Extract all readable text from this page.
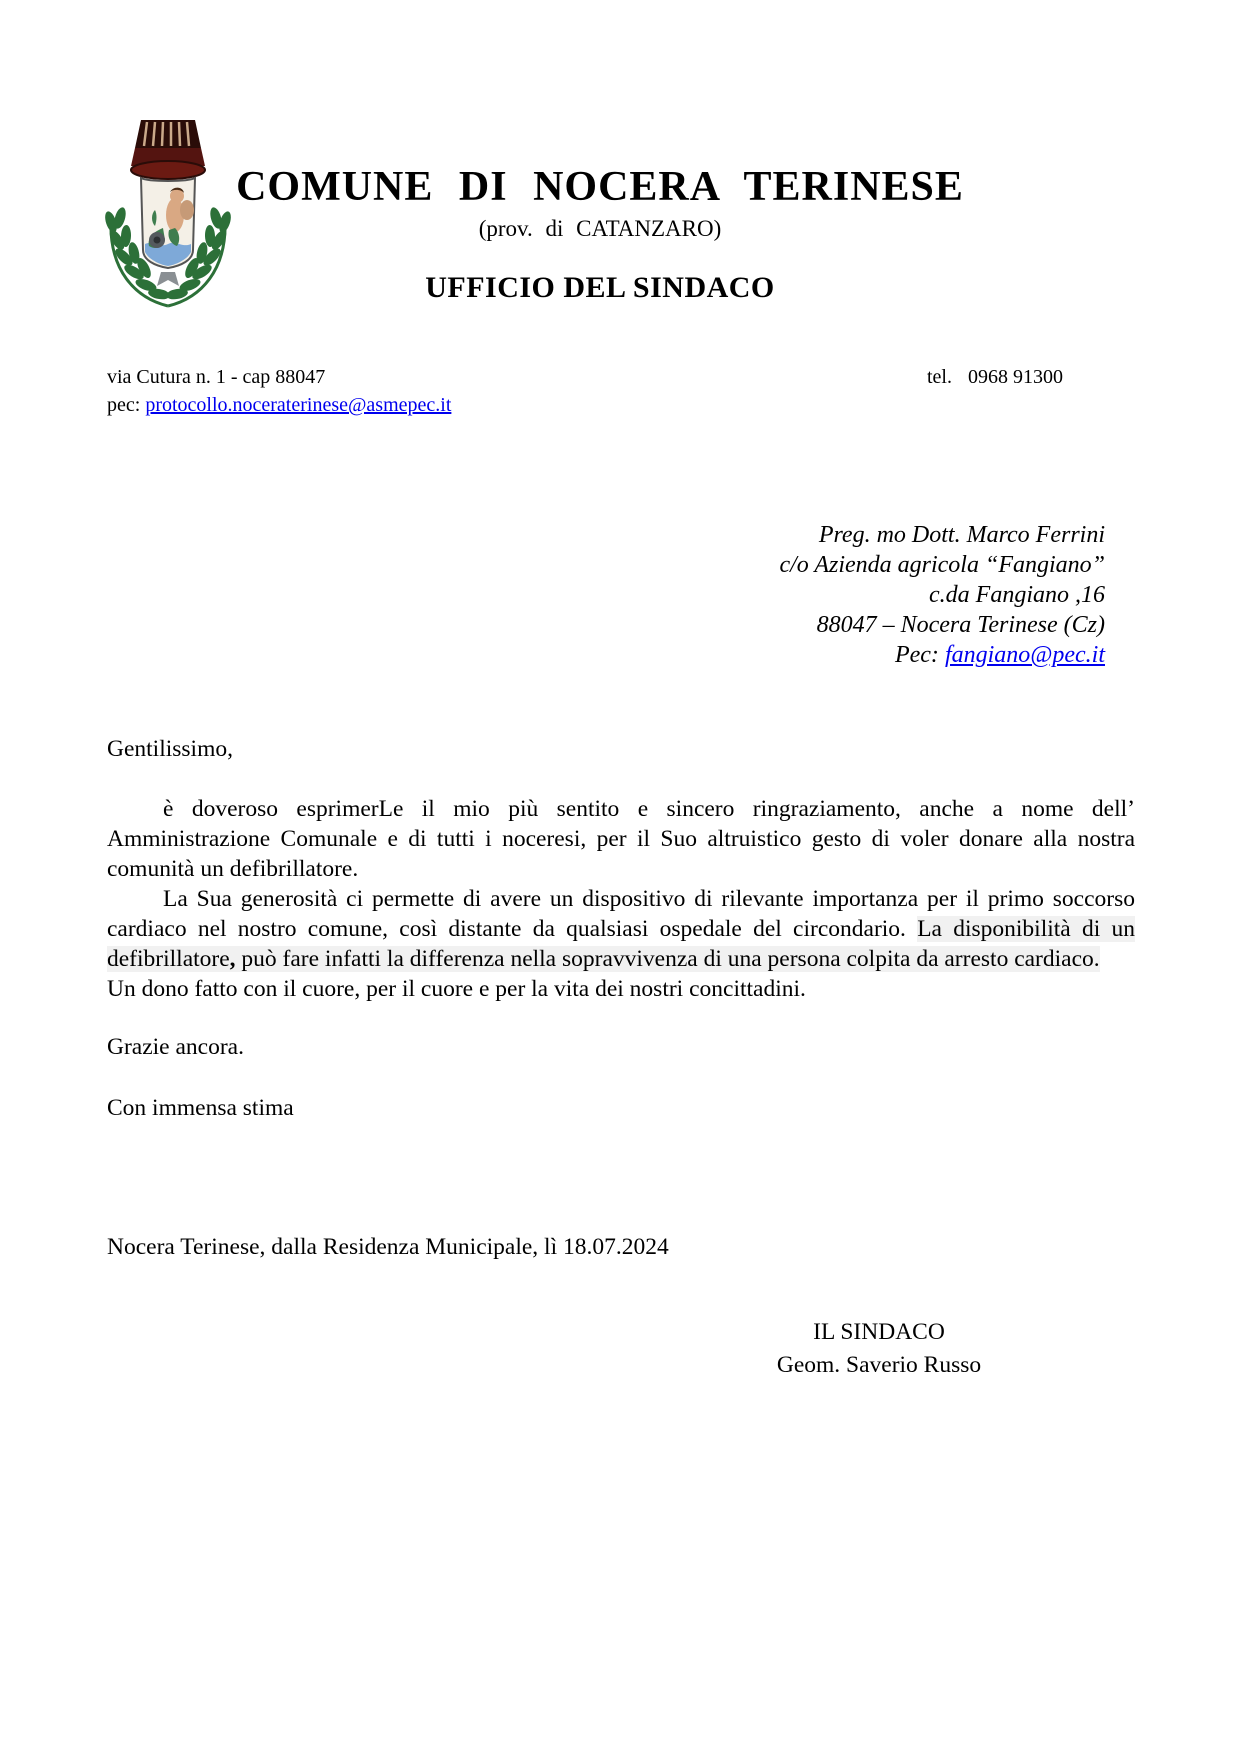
COMUNE DI NOCERA TERINESE
(prov. di CATANZARO)
UFFICIO DEL SINDACO
via Cutura n. 1 - cap 88047	tel. 0968 91300
pec: protocollo.noceraterinese@asmepec.it
Preg. mo Dott. Marco Ferrini
c/o Azienda agricola “Fangiano”
c.da Fangiano ,16
88047 – Nocera Terinese (Cz)
Pec: fangiano@pec.it
Gentilissimo,

è doveroso esprimerLe il mio più sentito e sincero ringraziamento, anche a nome dell’ Amministrazione Comunale e di tutti i noceresi, per il Suo altruistico gesto di voler donare alla nostra comunità un defibrillatore.

La Sua generosità ci permette di avere un dispositivo di rilevante importanza per il primo soccorso cardiaco nel nostro comune, così distante da qualsiasi ospedale del circondario. La disponibilità di un defibrillatore, può fare infatti la differenza nella sopravvivenza di una persona colpita da arresto cardiaco.

Un dono fatto con il cuore, per il cuore e per la vita dei nostri concittadini.

Grazie ancora.
Con immensa stima
Nocera Terinese, dalla Residenza Municipale, lì 18.07.2024
IL SINDACO
Geom. Saverio Russo
